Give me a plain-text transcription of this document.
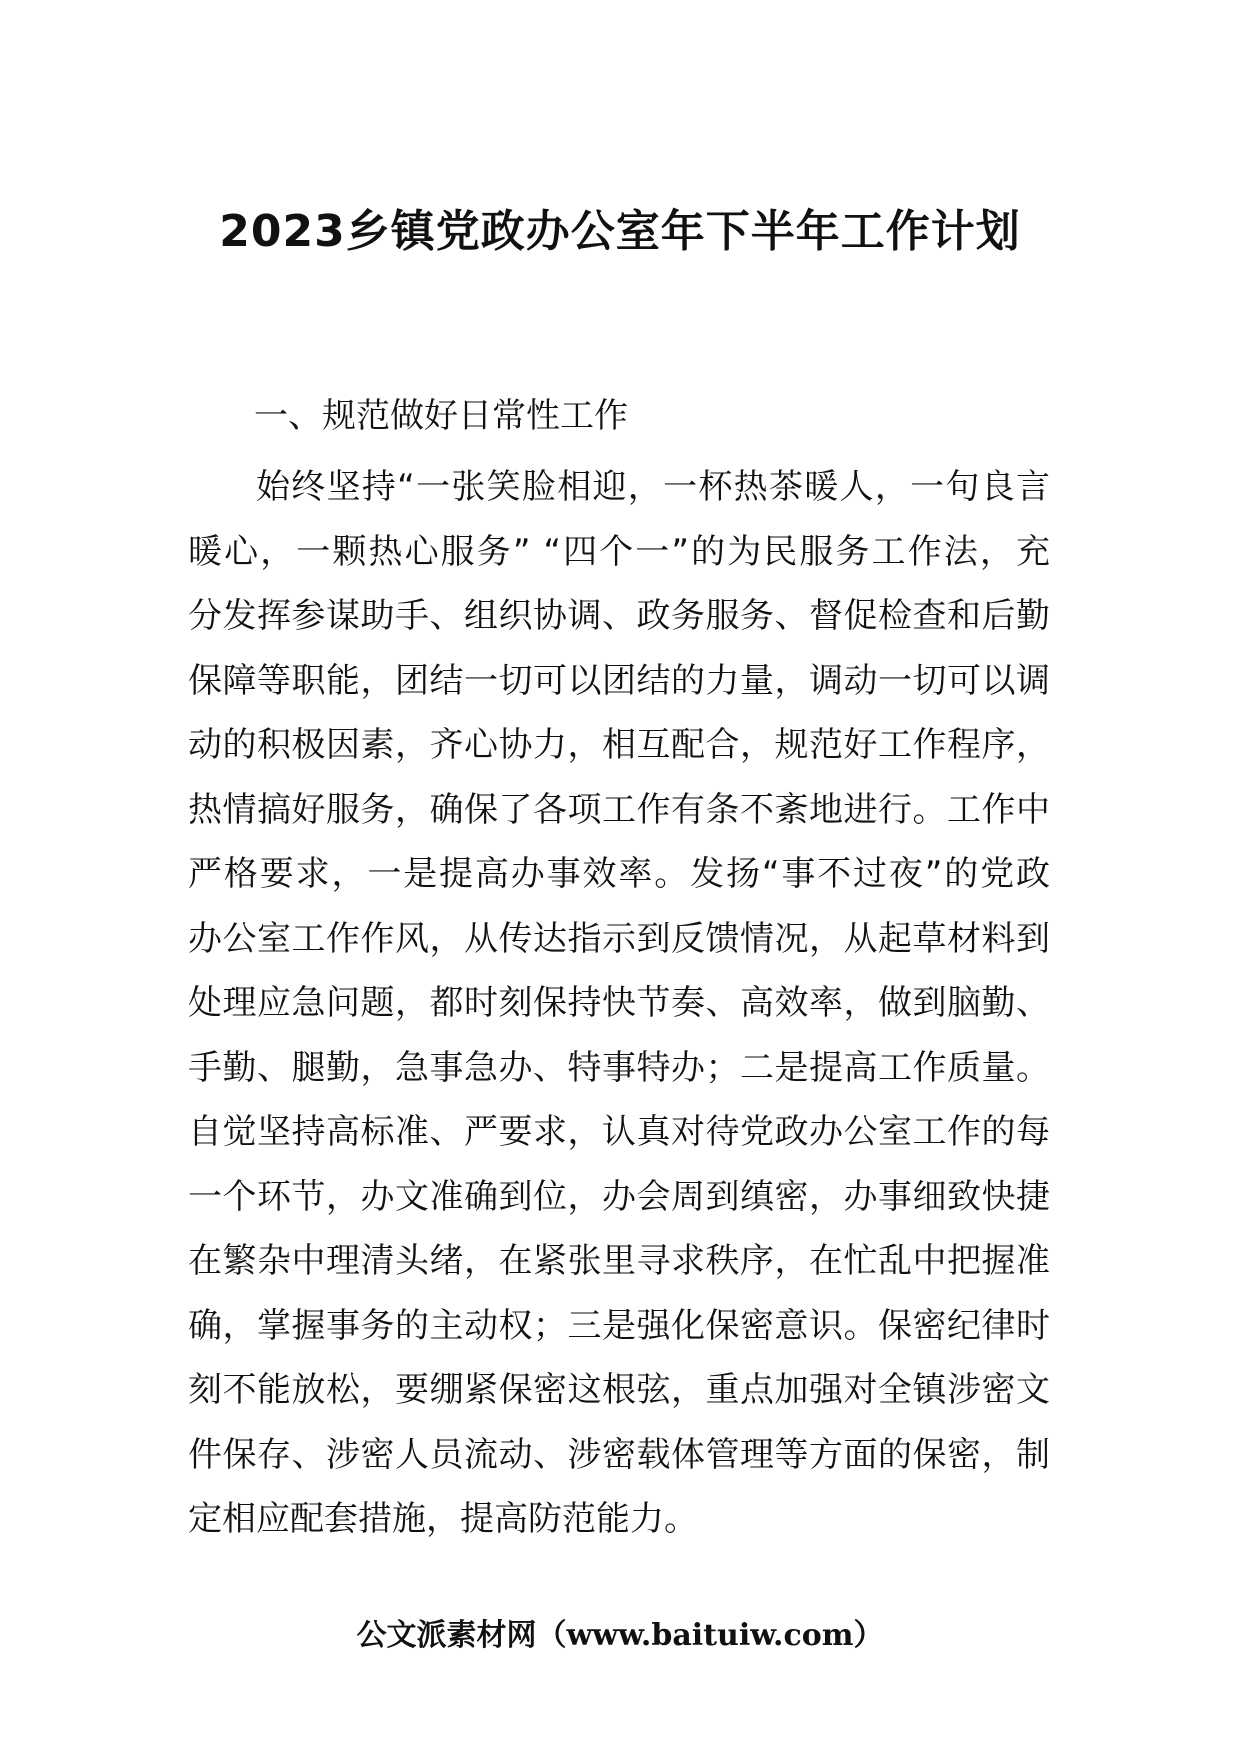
2023乡镇党政办公室年下半年工作计划
一、规范做好日常性工作
始终坚持“一张笑脸相迎，一杯热茶暖人，一句良言
暖心，一颗热心服务” “四个一”的为民服务工作法，充
分发挥参谋助手、组织协调、政务服务、督促检查和后勤
保障等职能，团结一切可以团结的力量，调动一切可以调
动的积极因素，齐心协力，相互配合，规范好工作程序，
热情搞好服务，确保了各项工作有条不紊地进行。工作中
严格要求，一是提高办事效率。发扬“事不过夜”的党政
办公室工作作风，从传达指示到反馈情况，从起草材料到
处理应急问题，都时刻保持快节奏、高效率，做到脑勤、
手勤、腿勤，急事急办、特事特办；二是提高工作质量。
自觉坚持高标准、严要求，认真对待党政办公室工作的每
一个环节，办文准确到位，办会周到缜密，办事细致快捷
在繁杂中理清头绪，在紧张里寻求秩序，在忙乱中把握准
确，掌握事务的主动权；三是强化保密意识。保密纪律时
刻不能放松，要绷紧保密这根弦，重点加强对全镇涉密文
件保存、涉密人员流动、涉密载体管理等方面的保密，制
定相应配套措施，提高防范能力。
公文派素材网（www.baituiw.com）
